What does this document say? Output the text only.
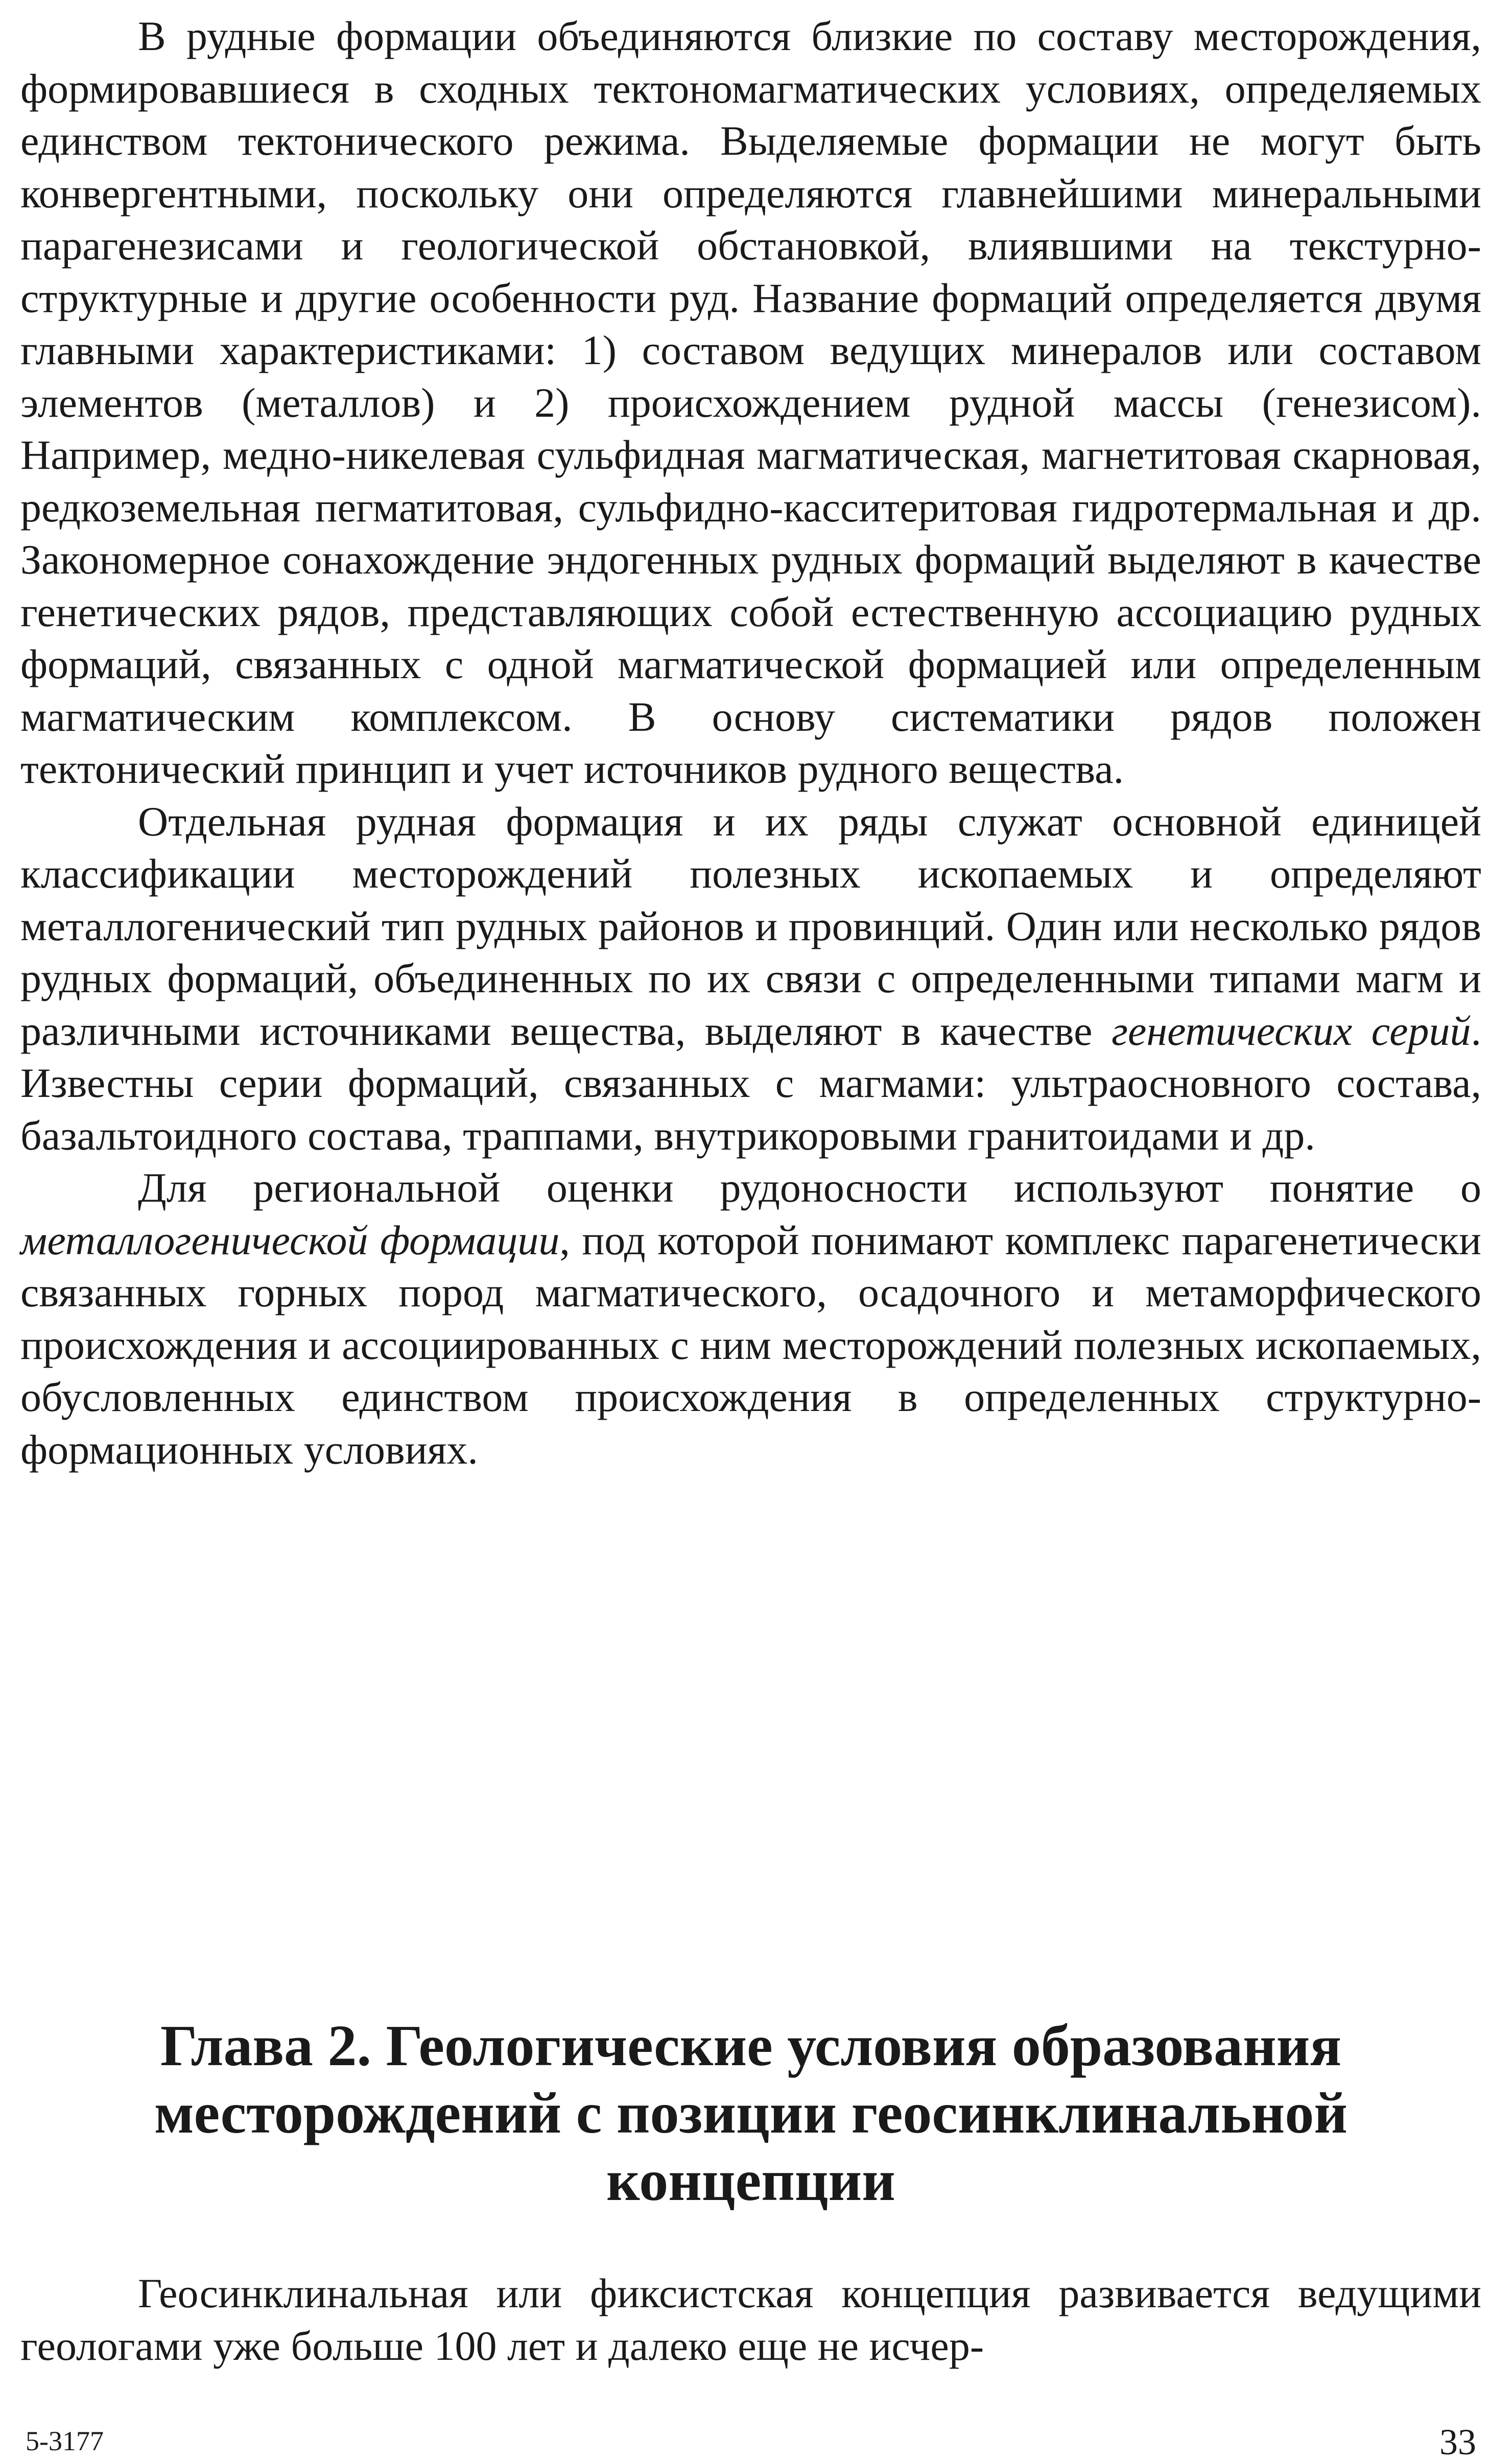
В рудные формации объединяются близкие по составу месторождения, формировавшиеся в сходных тектономагматических условиях, определяемых единством тектонического режима. Выделяемые формации не могут быть конвергентными, поскольку они определяются главнейшими минеральными парагенезисами и геологической обстановкой, влиявшими на текстурно-структурные и другие особенности руд. Название формаций определяется двумя главными характеристиками: 1) составом ведущих минералов или составом элементов (металлов) и 2) происхождением рудной массы (генезисом). Например, медно-никелевая сульфидная магматическая, магнетитовая скарновая, редкоземельная пегматитовая, сульфидно-касситеритовая гидротермальная и др. Закономерное сонахождение эндогенных рудных формаций выделяют в качестве генетических рядов, представляющих собой естественную ассоциацию рудных формаций, связанных с одной магматической формацией или определенным магматическим комплексом. В основу систематики рядов положен тектонический принцип и учет источников рудного вещества.

Отдельная рудная формация и их ряды служат основной единицей классификации месторождений полезных ископаемых и определяют металлогенический тип рудных районов и провинций. Один или несколько рядов рудных формаций, объединенных по их связи с определенными типами магм и различными источниками вещества, выделяют в качестве генетических серий. Известны серии формаций, связанных с магмами: ультраосновного состава, базальтоидного состава, траппами, внутрикоровыми гранитоидами и др.

Для региональной оценки рудоносности используют понятие о металлогенической формации, под которой понимают комплекс парагенетически связанных горных пород магматического, осадочного и метаморфического происхождения и ассоциированных с ним месторождений полезных ископаемых, обусловленных единством происхождения в определенных структурно-формационных условиях.

Глава 2. Геологические условия образования
месторождений с позиции геосинклинальной
концепции

Геосинклинальная или фиксистская концепция развивается ведущими геологами уже больше 100 лет и далеко еще не исчер-

5-3177	33
